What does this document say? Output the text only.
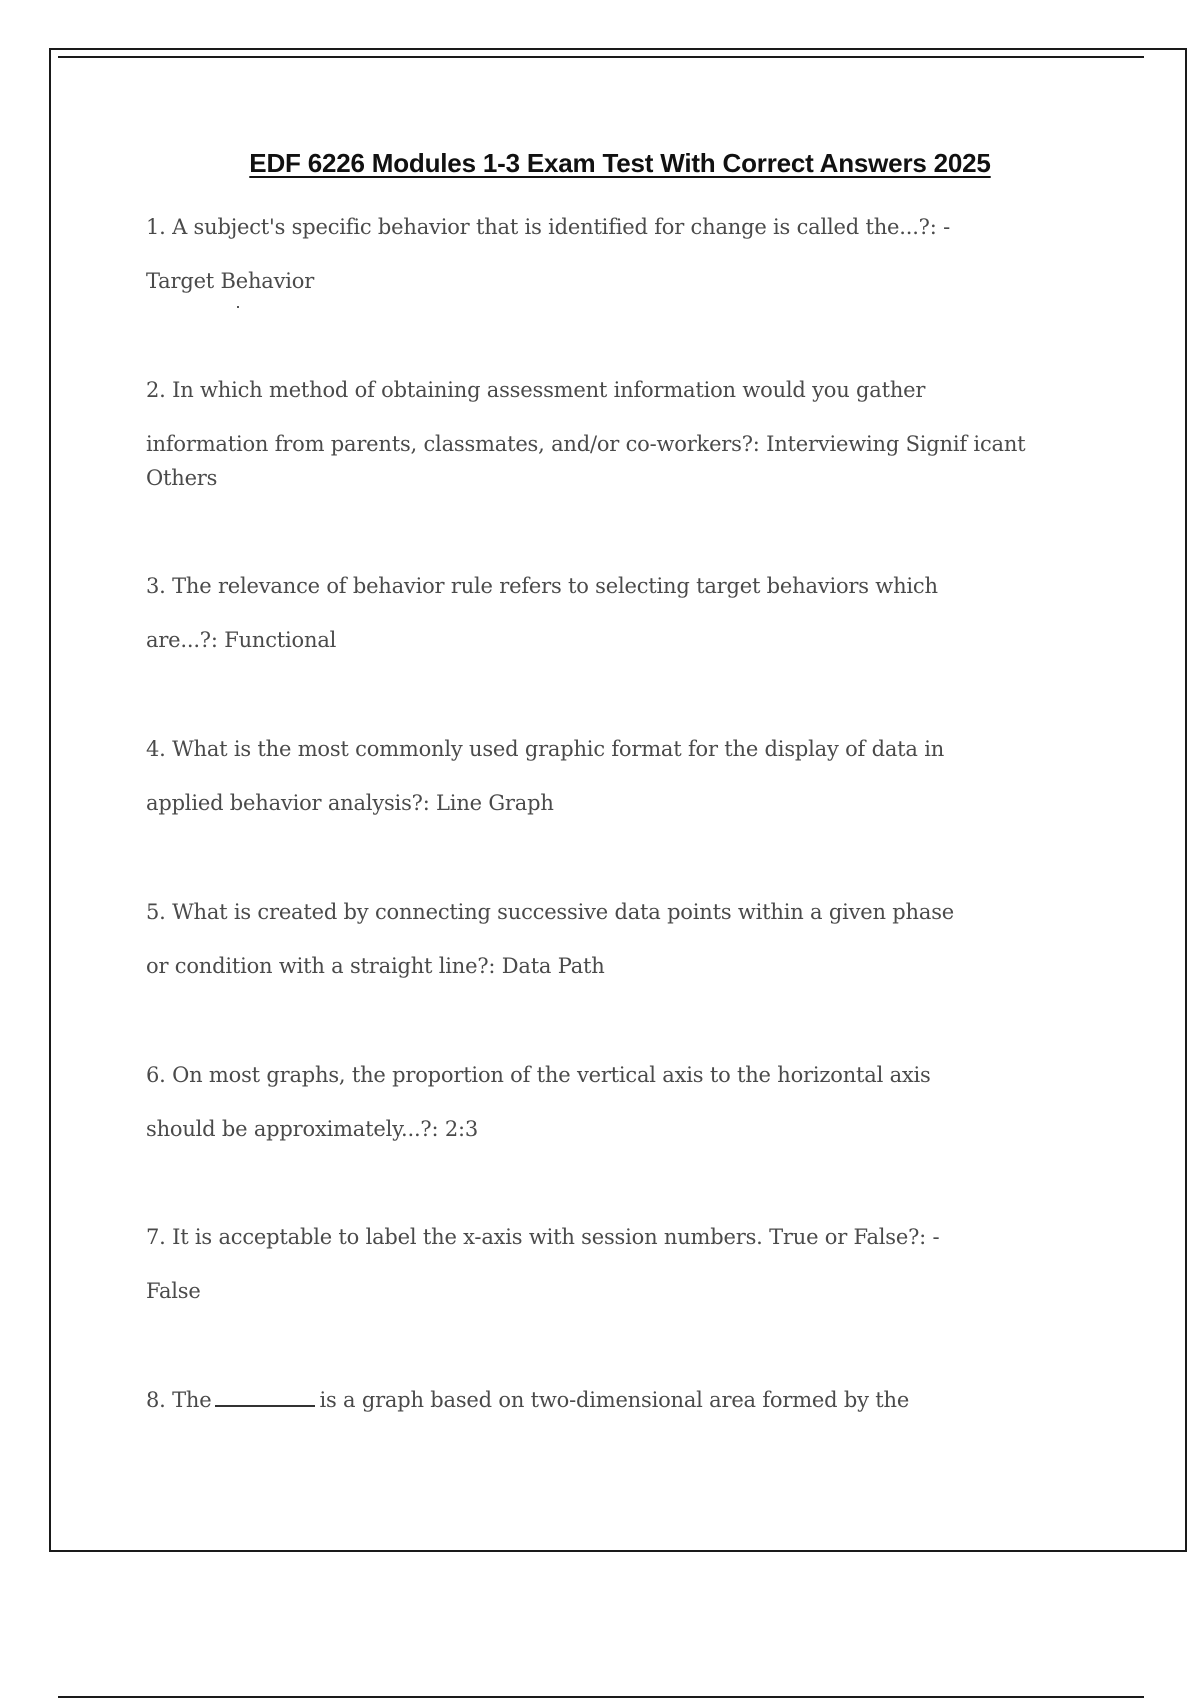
EDF 6226 Modules 1-3 Exam Test With Correct Answers 2025
1. A subject's specific behavior that is identified for change is called the...?: -
Target Behavior
2. In which method of obtaining assessment information would you gather
information from parents, classmates, and/or co-workers?: Interviewing Signif icant
Others
3. The relevance of behavior rule refers to selecting target behaviors which
are...?: Functional
4. What is the most commonly used graphic format for the display of data in
applied behavior analysis?: Line Graph
5. What is created by connecting successive data points within a given phase
or condition with a straight line?: Data Path
6. On most graphs, the proportion of the vertical axis to the horizontal axis
should be approximately...?: 2:3
7. It is acceptable to label the x-axis with session numbers. True or False?: -
False
8. The	is a graph based on two-dimensional area formed by the
